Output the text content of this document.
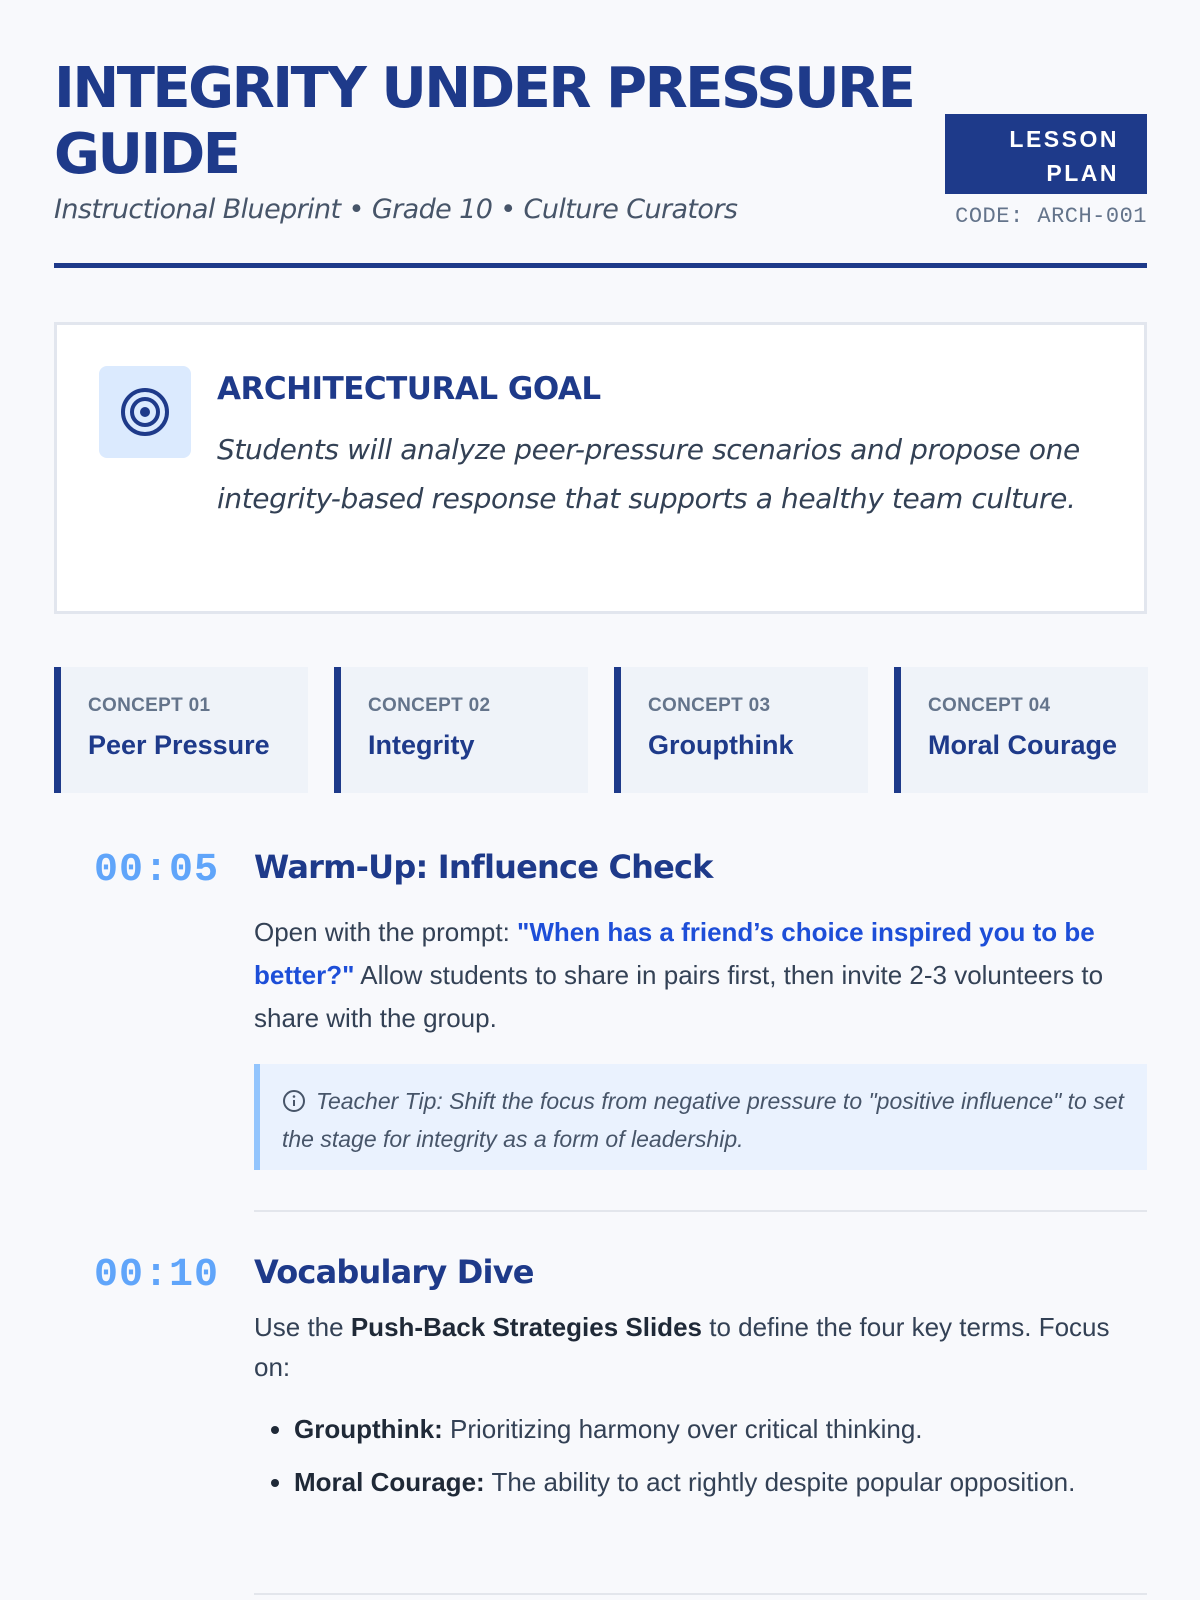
INTEGRITY UNDER PRESSURE GUIDE
Instructional Blueprint • Grade 10 • Culture Curators
LESSON PLAN
CODE: ARCH-001
ARCHITECTURAL GOAL

Students will analyze peer-pressure scenarios and propose one integrity-based response that supports a healthy team culture.

CONCEPT 01
Peer Pressure
CONCEPT 02
Integrity
CONCEPT 03
Groupthink
CONCEPT 04
Moral Courage
00:05 Warm-Up: Influence Check

Open with the prompt: "When has a friend’s choice inspired you to be better?" Allow students to share in pairs first, then invite 2-3 volunteers to share with the group.

Teacher Tip: Shift the focus from negative pressure to "positive influence" to set the stage for integrity as a form of leadership.
00:10 Vocabulary Dive

Use the Push-Back Strategies Slides to define the four key terms. Focus on:

• Groupthink: Prioritizing harmony over critical thinking.
• Moral Courage: The ability to act rightly despite popular opposition.
